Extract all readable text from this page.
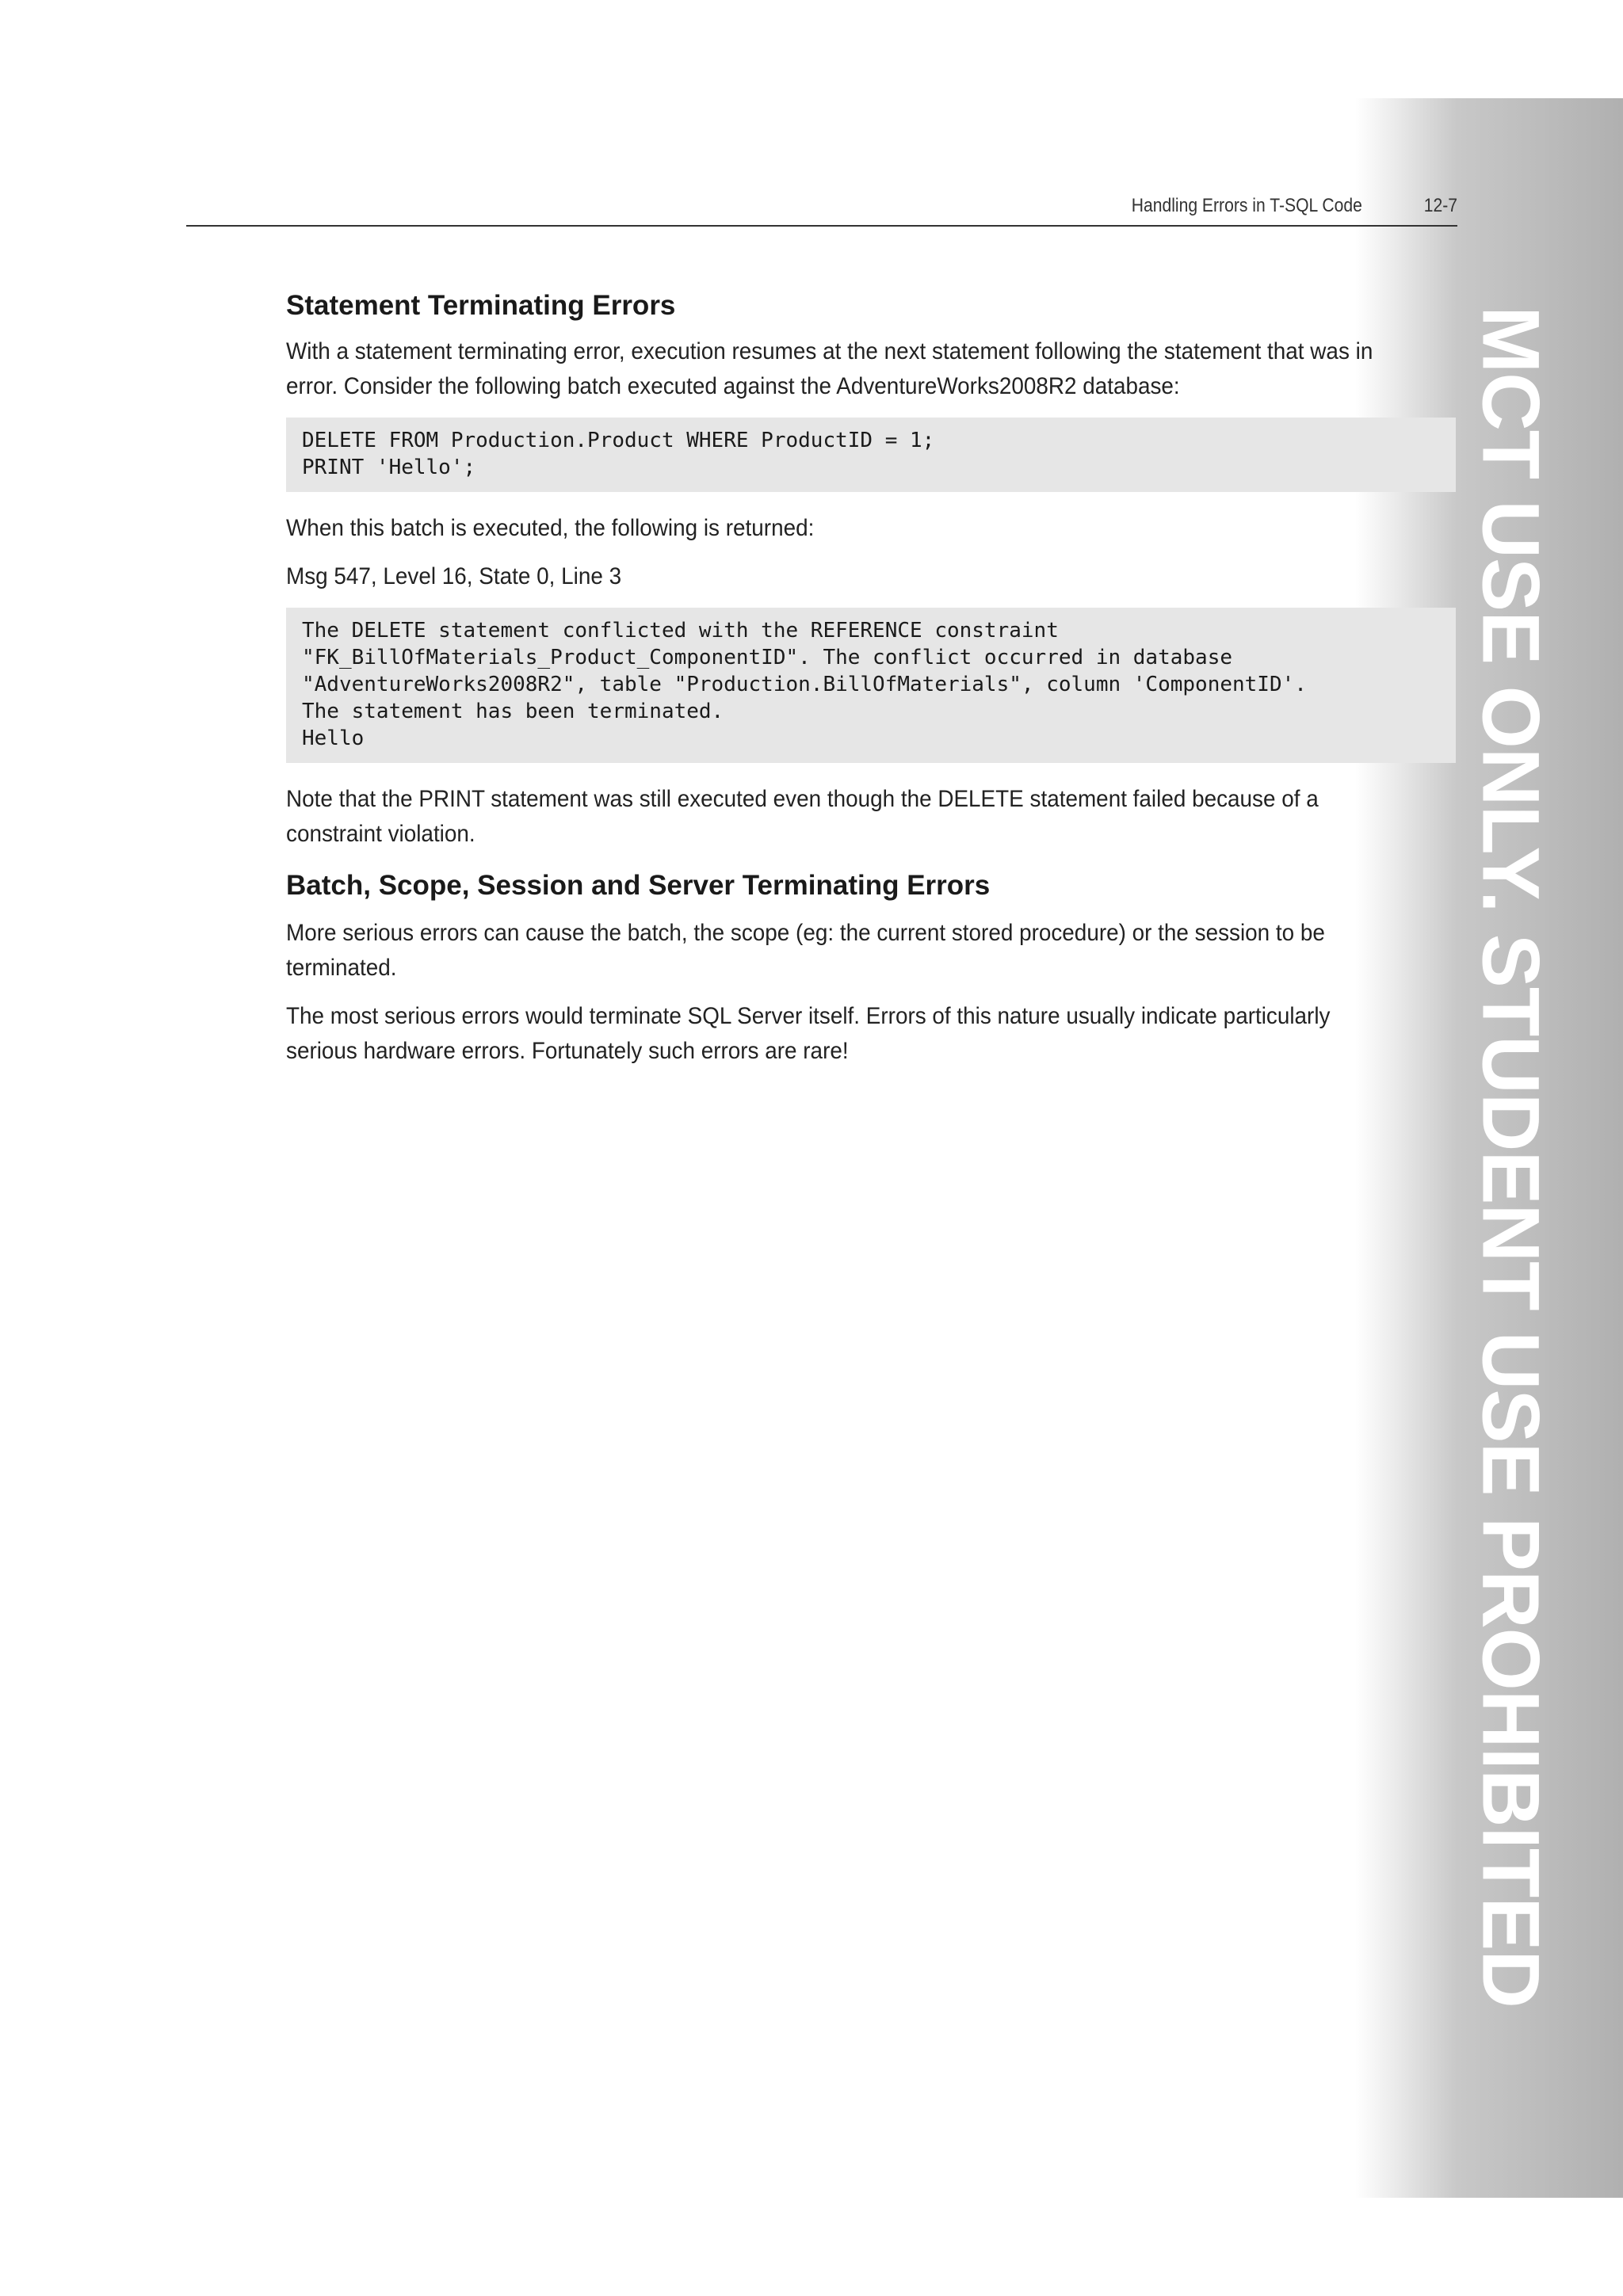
MCT USE ONLY. STUDENT USE PROHIBITED
Handling Errors in T-SQL Code	12-7
Statement Terminating Errors

With a statement terminating error, execution resumes at the next statement following the statement that was in error. Consider the following batch executed against the AdventureWorks2008R2 database:

DELETE FROM Production.Product WHERE ProductID = 1;
PRINT 'Hello';

When this batch is executed, the following is returned:

Msg 547, Level 16, State 0, Line 3

The DELETE statement conflicted with the REFERENCE constraint
"FK_BillOfMaterials_Product_ComponentID". The conflict occurred in database
"AdventureWorks2008R2", table "Production.BillOfMaterials", column 'ComponentID'.
The statement has been terminated.
Hello

Note that the PRINT statement was still executed even though the DELETE statement failed because of a constraint violation.

Batch, Scope, Session and Server Terminating Errors

More serious errors can cause the batch, the scope (eg: the current stored procedure) or the session to be terminated.

The most serious errors would terminate SQL Server itself. Errors of this nature usually indicate particularly serious hardware errors. Fortunately such errors are rare!
